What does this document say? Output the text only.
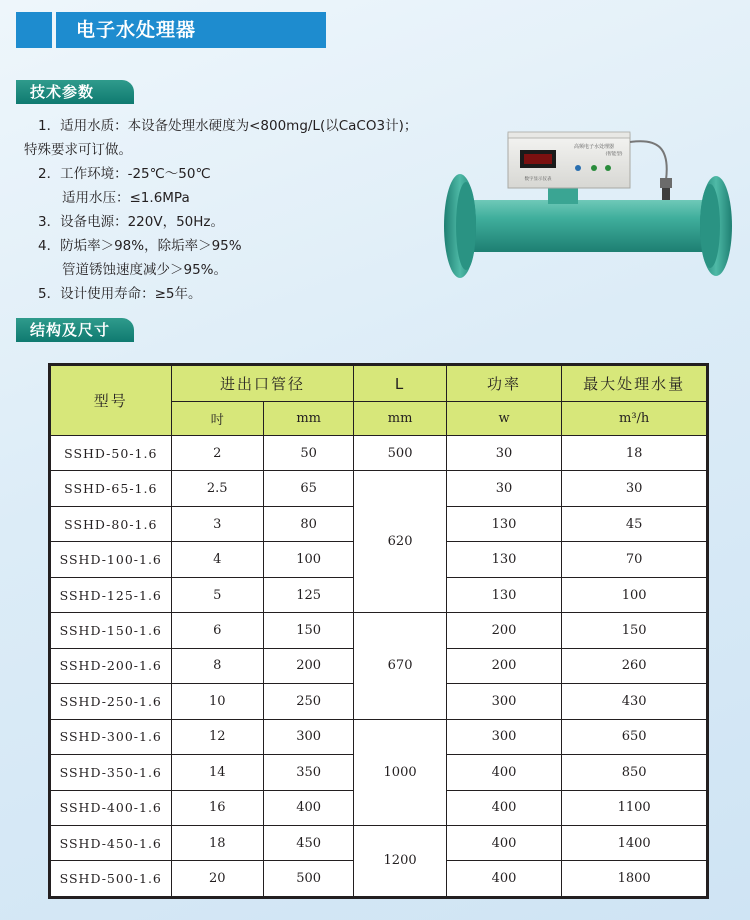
电子水处理器
技术参数
1．适用水质：本设备处理水硬度为<800mg/L(以CaCO3计)；
特殊要求可订做。
2．工作环境：-25℃～50℃
适用水压：≤1.6MPa
3．设备电源：220V，50Hz。
4．防垢率＞98%，除垢率＞95%
管道锈蚀速度减少＞95%。
5．设计使用寿命：≥5年。
高频电子水处理器
(智能型)
数字显示仪表
结构及尺寸
型号	进出口管径		L	功率	最大处理水量
	吋	mm	mm	w	m³/h
SSHD-50-1.6	2	50	500	30	18
SSHD-65-1.6	2.5	65	620	30	30
SSHD-80-1.6	3	80		130	45
SSHD-100-1.6	4	100		130	70
SSHD-125-1.6	5	125		130	100
SSHD-150-1.6	6	150	670	200	150
SSHD-200-1.6	8	200		200	260
SSHD-250-1.6	10	250		300	430
SSHD-300-1.6	12	300	1000	300	650
SSHD-350-1.6	14	350		400	850
SSHD-400-1.6	16	400		400	1100
SSHD-450-1.6	18	450	1200	400	1400
SSHD-500-1.6	20	500		400	1800
